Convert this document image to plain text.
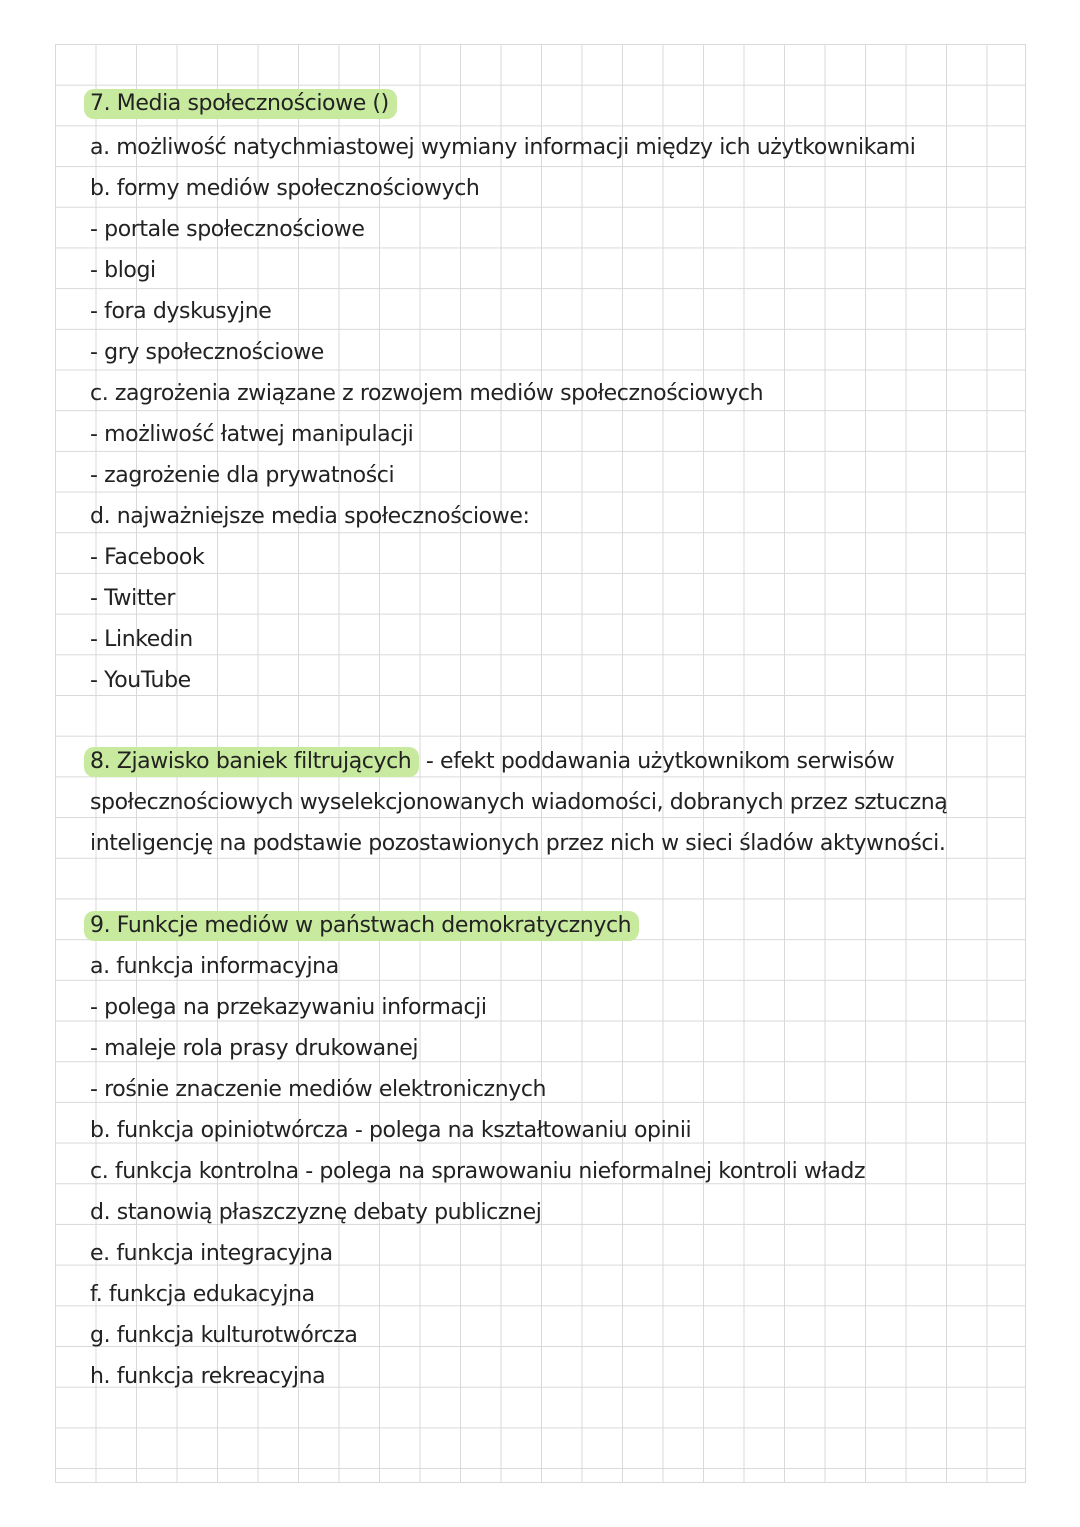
7. Media społecznościowe ()

a. możliwość natychmiastowej wymiany informacji między ich użytkownikami

b. formy mediów społecznościowych

- portale społecznościowe

- blogi

- fora dyskusyjne

- gry społecznościowe

c. zagrożenia związane z rozwojem mediów społecznościowych

- możliwość łatwej manipulacji

- zagrożenie dla prywatności

d. najważniejsze media społecznościowe:

- Facebook

- Twitter

- Linkedin

- YouTube

8. Zjawisko baniek filtrujących - efekt poddawania użytkownikom serwisów

społecznościowych wyselekcjonowanych wiadomości, dobranych przez sztuczną

inteligencję na podstawie pozostawionych przez nich w sieci śladów aktywności.

9. Funkcje mediów w państwach demokratycznych

a. funkcja informacyjna

- polega na przekazywaniu informacji

- maleje rola prasy drukowanej

- rośnie znaczenie mediów elektronicznych

b. funkcja opiniotwórcza - polega na kształtowaniu opinii

c. funkcja kontrolna - polega na sprawowaniu nieformalnej kontroli władz

d. stanowią płaszczyznę debaty publicznej

e. funkcja integracyjna

f. funkcja edukacyjna

g. funkcja kulturotwórcza

h. funkcja rekreacyjna
